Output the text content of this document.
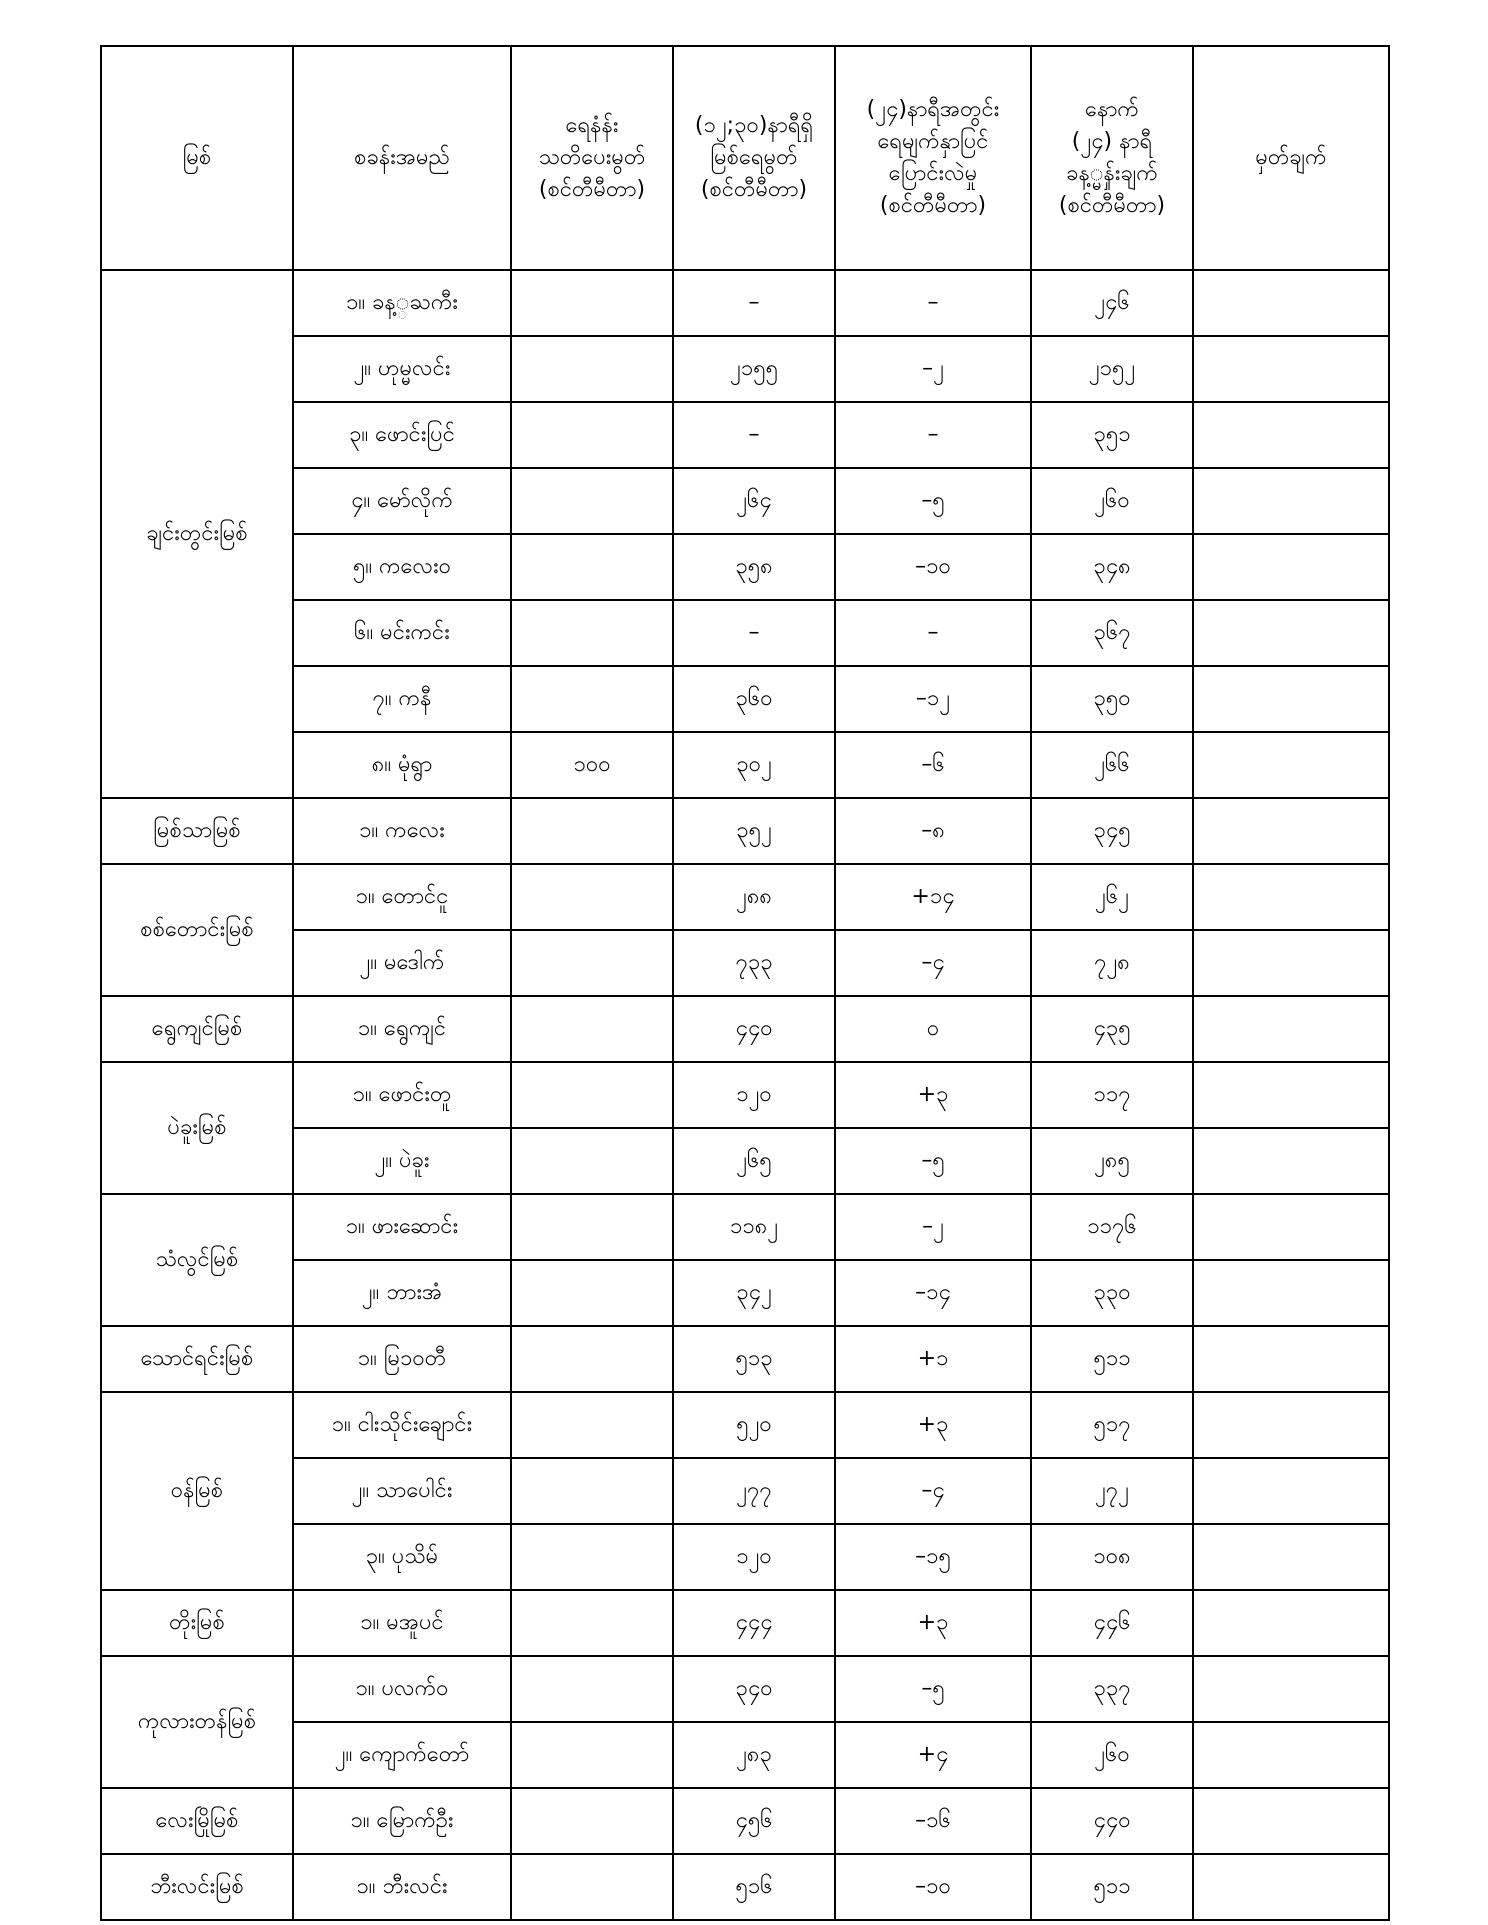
မြစ်	စခန်းအမည်	ရေနံန်း
သတိပေးမွတ်
(စင်တီမီတာ)	(၁၂;၃၀)နာရီရှိ
မြစ်ရေမွတ်
(စင်တီမီတာ)	(၂၄)နာရီအတွင်း
ရေမျက်နှာပြင်
ပြောင်းလဲမှု
(စင်တီမီတာ)	နောက်
(၂၄) နာရီ
ခန့္မှန်းချက်
(စင်တီမီတာ)	မှတ်ချက်

ချင်းတွင်းမြစ်	၁။ ခန့္ႀကီး		–	–	၂၄၆	
	၂။ ဟုမ္မလင်း		၂၁၅၅	–၂	၂၁၅၂	
	၃။ ဖောင်းပြင်		–	–	၃၅၁	
	၄။ မော်လိုက်		၂၆၄	–၅	၂၆၀	
	၅။ ကလေးဝ		၃၅၈	–၁၀	၃၄၈	
	၆။ မင်းကင်း		–	–	၃၆၇	
	၇။ ကနီ		၃၆၀	–၁၂	၃၅၀	
	၈။ မုံရွာ	၁၀၀	၃၀၂	–၆	၂၆၆	
မြစ်သာမြစ်	၁။ ကလေး		၃၅၂	–၈	၃၄၅	
စစ်တောင်းမြစ်	၁။ တောင်ငူ		၂၈၈	+၁၄	၂၆၂	
	၂။ မဒေါက်		၇၃၃	–၄	၇၂၈	
ရွေကျင်မြစ်	၁။ ရွေကျင်		၄၄၀	၀	၄၃၅	
ပဲခူးမြစ်	၁။ ဖောင်းတူ		၁၂၀	+၃	၁၁၇	
	၂။ ပဲခူး		၂၆၅	–၅	၂၈၅	
သံလွင်မြစ်	၁။ ဖားဆောင်း		၁၁၈၂	–၂	၁၁၇၆	
	၂။ ဘားအံ		၃၄၂	–၁၄	၃၃၀	
သောင်ရင်းမြစ်	၁။ မြ၁၀တီ		၅၁၃	+၁	၅၁၁	
ဝန်မြစ်	၁။ ငါးသိုင်းချောင်း		၅၂၀	+၃	၅၁၇	
	၂။ သာပေါင်း		၂၇၇	–၄	၂၇၂	
	၃။ ပုသိမ်		၁၂၀	–၁၅	၁၀၈	
တိုးမြစ်	၁။ မအူပင်		၄၄၄	+၃	၄၄၆	
ကုလားတန်မြစ်	၁။ ပလက်ဝ		၃၄၀	–၅	၃၃၇	
	၂။ ကျောက်တော်		၂၈၃	+၄	၂၆၀	
လေးမြိုမြစ်	၁။ မြောက်ဦး		၄၅၆	–၁၆	၄၄၀	
ဘီးလင်းမြစ်	၁။ ဘီးလင်း		၅၁၆	–၁၀	၅၁၁	
